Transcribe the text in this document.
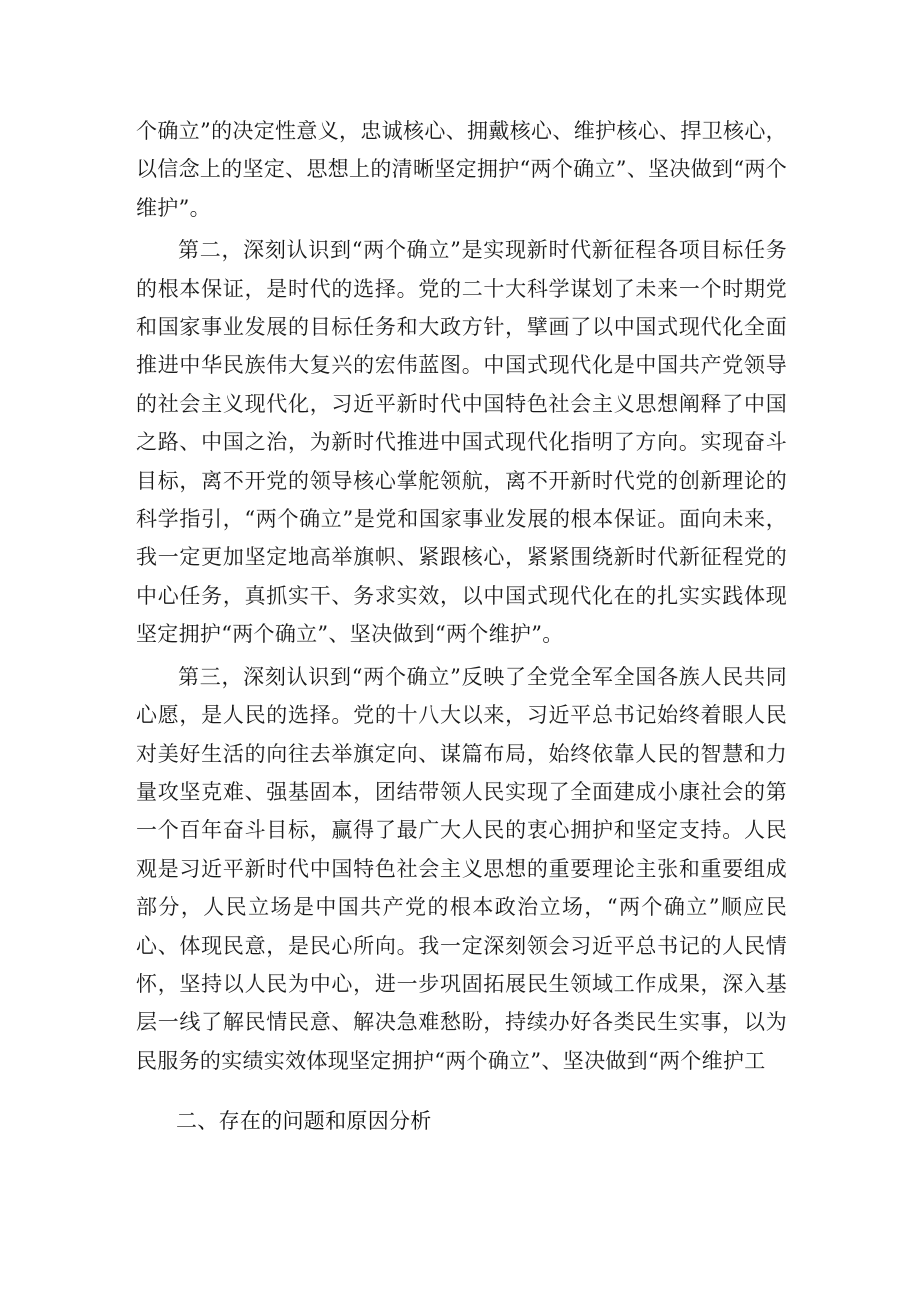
个确立”的决定性意义，忠诚核心、拥戴核心、维护核心、捍卫核心，以信念上的坚定、思想上的清晰坚定拥护“两个确立”、坚决做到“两个维护”。

第二，深刻认识到“两个确立”是实现新时代新征程各项目标任务的根本保证，是时代的选择。党的二十大科学谋划了未来一个时期党和国家事业发展的目标任务和大政方针，擘画了以中国式现代化全面推进中华民族伟大复兴的宏伟蓝图。中国式现代化是中国共产党领导的社会主义现代化，习近平新时代中国特色社会主义思想阐释了中国之路、中国之治，为新时代推进中国式现代化指明了方向。实现奋斗目标，离不开党的领导核心掌舵领航，离不开新时代党的创新理论的科学指引，“两个确立”是党和国家事业发展的根本保证。面向未来，我一定更加坚定地高举旗帜、紧跟核心，紧紧围绕新时代新征程党的中心任务，真抓实干、务求实效，以中国式现代化在的扎实实践体现坚定拥护“两个确立”、坚决做到“两个维护”。

第三，深刻认识到“两个确立”反映了全党全军全国各族人民共同心愿，是人民的选择。党的十八大以来，习近平总书记始终着眼人民对美好生活的向往去举旗定向、谋篇布局，始终依靠人民的智慧和力量攻坚克难、强基固本，团结带领人民实现了全面建成小康社会的第一个百年奋斗目标，赢得了最广大人民的衷心拥护和坚定支持。人民观是习近平新时代中国特色社会主义思想的重要理论主张和重要组成部分，人民立场是中国共产党的根本政治立场，“两个确立”顺应民心、体现民意，是民心所向。我一定深刻领会习近平总书记的人民情怀，坚持以人民为中心，进一步巩固拓展民生领域工作成果，深入基层一线了解民情民意、解决急难愁盼，持续办好各类民生实事，以为民服务的实绩实效体现坚定拥护“两个确立”、坚决做到“两个维护工

二、存在的问题和原因分析
